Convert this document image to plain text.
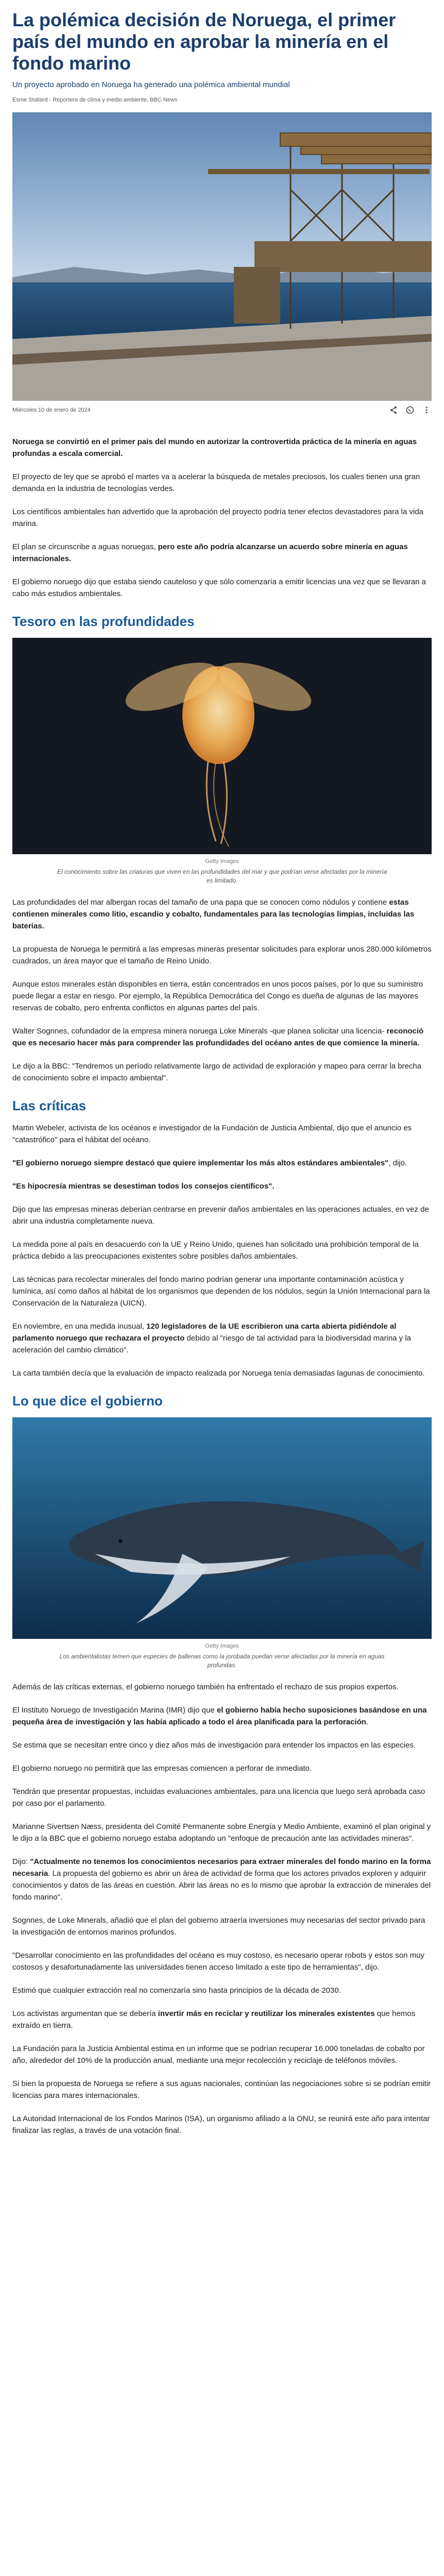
La polémica decisión de Noruega, el primer país del mundo en aprobar la minería en el fondo marino

Un proyecto aprobado en Noruega ha generado una polémica ambiental mundial

Esme Stallard - Reportera de clima y medio ambiente, BBC News

Miércoles 10 de enero de 2024

Noruega se convirtió en el primer país del mundo en autorizar la controvertida práctica de la minería en aguas profundas a escala comercial.

El proyecto de ley que se aprobó el martes va a acelerar la búsqueda de metales preciosos, los cuales tienen una gran demanda en la industria de tecnologías verdes.

Los científicos ambientales han advertido que la aprobación del proyecto podría tener efectos devastadores para la vida marina.

El plan se circunscribe a aguas noruegas, pero este año podría alcanzarse un acuerdo sobre minería en aguas internacionales.

El gobierno noruego dijo que estaba siendo cauteloso y que sólo comenzaría a emitir licencias una vez que se llevaran a cabo más estudios ambientales.

Tesoro en las profundidades
Getty Images
El conocimiento sobre las criaturas que viven en las profundidades del mar y que podrían verse afectadas por la minería es limitado.

Las profundidades del mar albergan rocas del tamaño de una papa que se conocen como nódulos y contiene estas contienen minerales como litio, escandio y cobalto, fundamentales para las tecnologías limpias, incluidas las baterías.

La propuesta de Noruega le permitirá a las empresas mineras presentar solicitudes para explorar unos 280.000 kilómetros cuadrados, un área mayor que el tamaño de Reino Unido.

Aunque estos minerales están disponibles en tierra, están concentrados en unos pocos países, por lo que su suministro puede llegar a estar en riesgo. Por ejemplo, la República Democrática del Congo es dueña de algunas de las mayores reservas de cobalto, pero enfrenta conflictos en algunas partes del país.

Walter Sognnes, cofundador de la empresa minera noruega Loke Minerals -que planea solicitar una licencia- reconoció que es necesario hacer más para comprender las profundidades del océano antes de que comience la minería.

Le dijo a la BBC: "Tendremos un período relativamente largo de actividad de exploración y mapeo para cerrar la brecha de conocimiento sobre el impacto ambiental".

Las críticas

Martin Webeler, activista de los océanos e investigador de la Fundación de Justicia Ambiental, dijo que el anuncio es "catastrófico" para el hábitat del océano.

"El gobierno noruego siempre destacó que quiere implementar los más altos estándares ambientales", dijo.

"Es hipocresía mientras se desestiman todos los consejos científicos".

Dijo que las empresas mineras deberían centrarse en prevenir daños ambientales en las operaciones actuales, en vez de abrir una industria completamente nueva.

La medida pone al país en desacuerdo con la UE y Reino Unido, quienes han solicitado una prohibición temporal de la práctica debido a las preocupaciones existentes sobre posibles daños ambientales.

Las técnicas para recolectar minerales del fondo marino podrían generar una importante contaminación acústica y lumínica, así como daños al hábitat de los organismos que dependen de los nódulos, según la Unión Internacional para la Conservación de la Naturaleza (UICN).

En noviembre, en una medida inusual, 120 legisladores de la UE escribieron una carta abierta pidiéndole al parlamento noruego que rechazara el proyecto debido al "riesgo de tal actividad para la biodiversidad marina y la aceleración del cambio climático".

La carta también decía que la evaluación de impacto realizada por Noruega tenía demasiadas lagunas de conocimiento.

Lo que dice el gobierno
Getty Images
Los ambientalistas temen que especies de ballenas como la jorobada puedan verse afectadas por la minería en aguas profundas.

Además de las críticas externas, el gobierno noruego también ha enfrentado el rechazo de sus propios expertos.

El Instituto Noruego de Investigación Marina (IMR) dijo que el gobierno había hecho suposiciones basándose en una pequeña área de investigación y las había aplicado a todo el área planificada para la perforación.

Se estima que se necesitan entre cinco y diez años más de investigación para entender los impactos en las especies.

El gobierno noruego no permitirá que las empresas comiencen a perforar de inmediato.

Tendrán que presentar propuestas, incluidas evaluaciones ambientales, para una licencia que luego será aprobada caso por caso por el parlamento.

Marianne Sivertsen Næss, presidenta del Comité Permanente sobre Energía y Medio Ambiente, examinó el plan original y le dijo a la BBC que el gobierno noruego estaba adoptando un "enfoque de precaución ante las actividades mineras".

Dijo: "Actualmente no tenemos los conocimientos necesarios para extraer minerales del fondo marino en la forma necesaria. La propuesta del gobierno es abrir un área de actividad de forma que los actores privados exploren y adquirir conocimientos y datos de las áreas en cuestión. Abrir las áreas no es lo mismo que aprobar la extracción de minerales del fondo marino".

Sognnes, de Loke Minerals, añadió que el plan del gobierno atraería inversiones muy necesarias del sector privado para la investigación de entornos marinos profundos.

"Desarrollar conocimiento en las profundidades del océano es muy costoso, es necesario operar robots y estos son muy costosos y desafortunadamente las universidades tienen acceso limitado a este tipo de herramientas", dijo.

Estimó que cualquier extracción real no comenzaría sino hasta principios de la década de 2030.

Los activistas argumentan que se debería invertir más en reciclar y reutilizar los minerales existentes que hemos extraído en tierra.

La Fundación para la Justicia Ambiental estima en un informe que se podrían recuperar 16.000 toneladas de cobalto por año, alrededor del 10% de la producción anual, mediante una mejor recolección y reciclaje de teléfonos móviles.

Si bien la propuesta de Noruega se refiere a sus aguas nacionales, continúan las negociaciones sobre si se podrían emitir licencias para mares internacionales.

La Autoridad Internacional de los Fondos Marinos (ISA), un organismo afiliado a la ONU, se reunirá este año para intentar finalizar las reglas, a través de una votación final.
